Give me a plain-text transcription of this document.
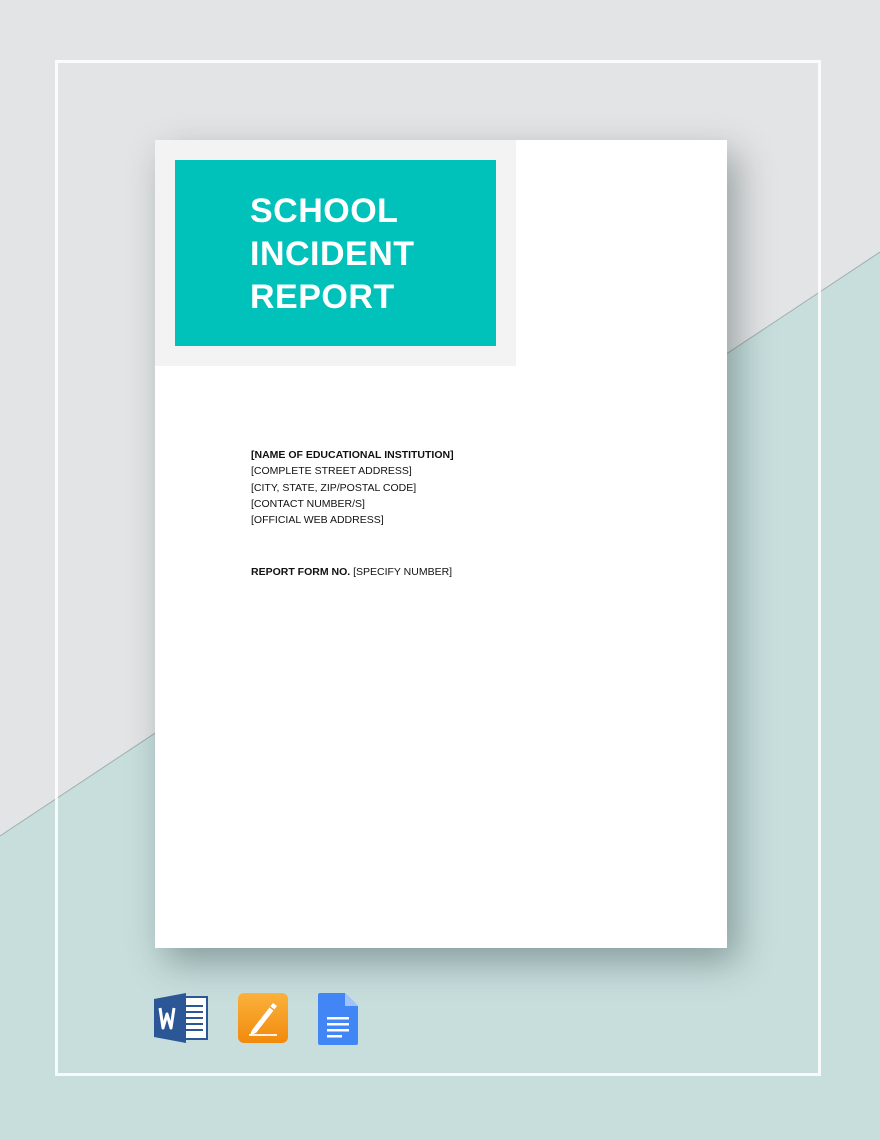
SCHOOL
INCIDENT
REPORT
[NAME OF EDUCATIONAL INSTITUTION]
[COMPLETE STREET ADDRESS]
[CITY, STATE, ZIP/POSTAL CODE]
[CONTACT NUMBER/S]
[OFFICIAL WEB ADDRESS]
REPORT FORM NO. [SPECIFY NUMBER]
